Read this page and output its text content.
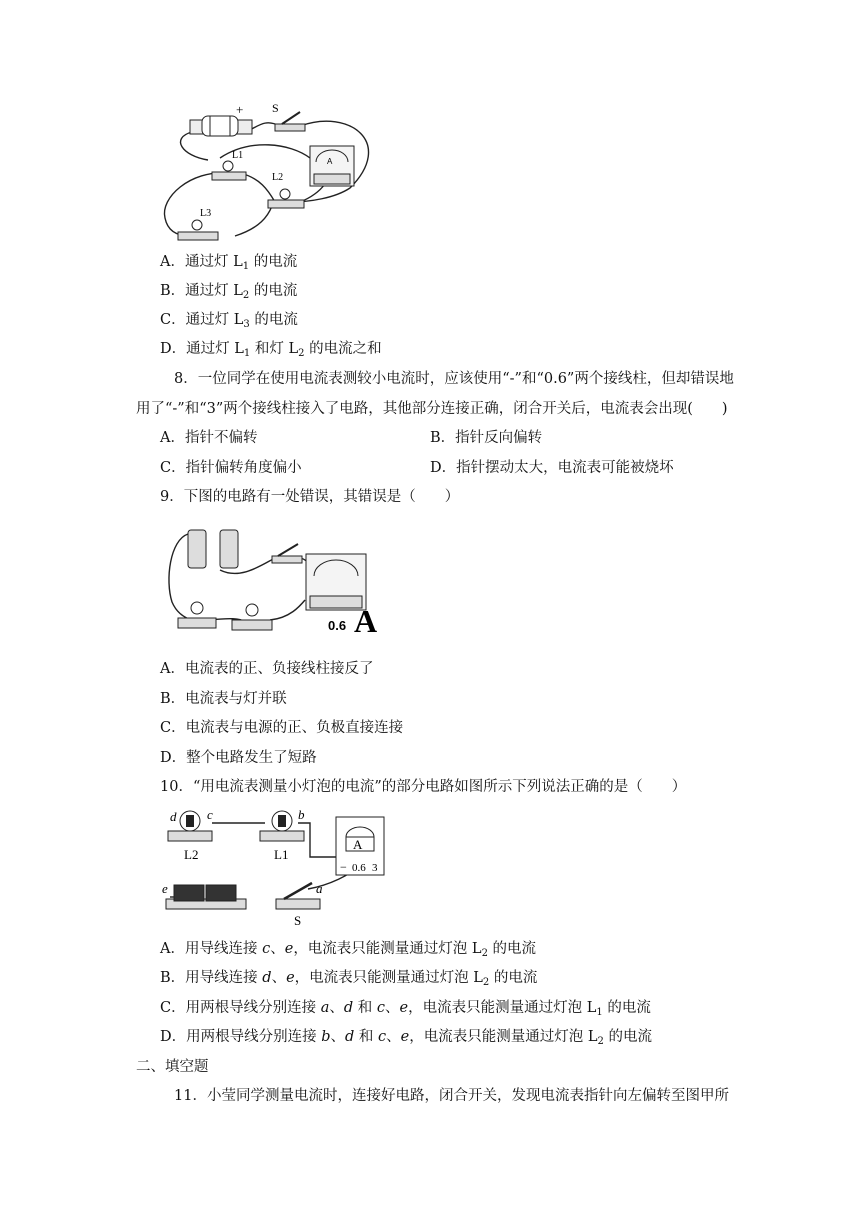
+ S
L1
L2
L3
A
A．通过灯 $L_1$ 的电流
B．通过灯 $L_2$ 的电流
C．通过灯 $L_3$ 的电流
D．通过灯 $L_1$ 和灯 $L_2$ 的电流之和
8．一位同学在使用电流表测较小电流时，应该使用“-”和“0.6”两个接线柱，但却错误地
用了“-”和“3”两个接线柱接入了电路，其他部分连接正确，闭合开关后，电流表会出现(　　)
A．指针不偏转	B．指针反向偏转
C．指针偏转角度偏小	D．指针摆动太大，电流表可能被烧坏
9．下图的电路有一处错误，其错误是（　　）
0.6 A
A．电流表的正、负接线柱接反了
B．电流表与灯并联
C．电流表与电源的正、负极直接连接
D．整个电路发生了短路
10．“用电流表测量小灯泡的电流”的部分电路如图所示下列说法正确的是（　　）
d c
L2
b
L1
A
− 0.6 3
e	a
S
A．用导线连接 c、e，电流表只能测量通过灯泡 $L_2$ 的电流
B．用导线连接 d、e，电流表只能测量通过灯泡 $L_2$ 的电流
C．用两根导线分别连接 a、d 和 c、e，电流表只能测量通过灯泡 $L_1$ 的电流
D．用两根导线分别连接 b、d 和 c、e，电流表只能测量通过灯泡 $L_2$ 的电流
二、填空题
11．小莹同学测量电流时，连接好电路，闭合开关，发现电流表指针向左偏转至图甲所
